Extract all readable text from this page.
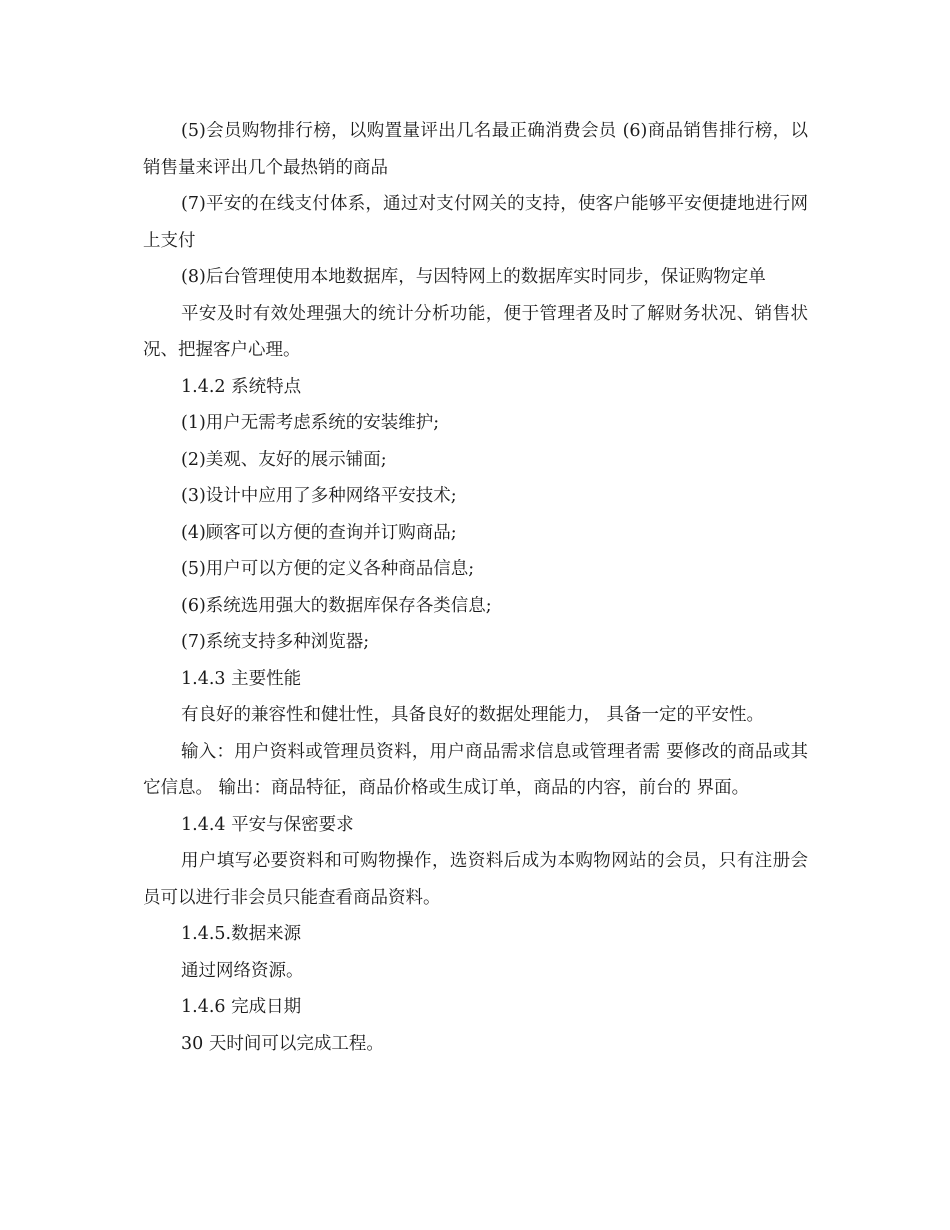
(5)会员购物排行榜，以购置量评出几名最正确消费会员 (6)商品销售排行榜，以销售量来评出几个最热销的商品

(7)平安的在线支付体系，通过对支付网关的支持，使客户能够平安便捷地进行网上支付

(8)后台管理使用本地数据库，与因特网上的数据库实时同步，保证购物定单

平安及时有效处理强大的统计分析功能，便于管理者及时了解财务状况、销售状况、把握客户心理。

1.4.2 系统特点

(1)用户无需考虑系统的安装维护;

(2)美观、友好的展示铺面;

(3)设计中应用了多种网络平安技术;

(4)顾客可以方便的查询并订购商品;

(5)用户可以方便的定义各种商品信息;

(6)系统选用强大的数据库保存各类信息;

(7)系统支持多种浏览器;

1.4.3 主要性能

有良好的兼容性和健壮性，具备良好的数据处理能力， 具备一定的平安性。

输入：用户资料或管理员资料，用户商品需求信息或管理者需 要修改的商品或其它信息。 输出：商品特征，商品价格或生成订单，商品的内容，前台的 界面。

1.4.4 平安与保密要求

用户填写必要资料和可购物操作，选资料后成为本购物网站的会员，只有注册会员可以进行非会员只能查看商品资料。

1.4.5.数据来源

通过网络资源。

1.4.6 完成日期

30 天时间可以完成工程。
